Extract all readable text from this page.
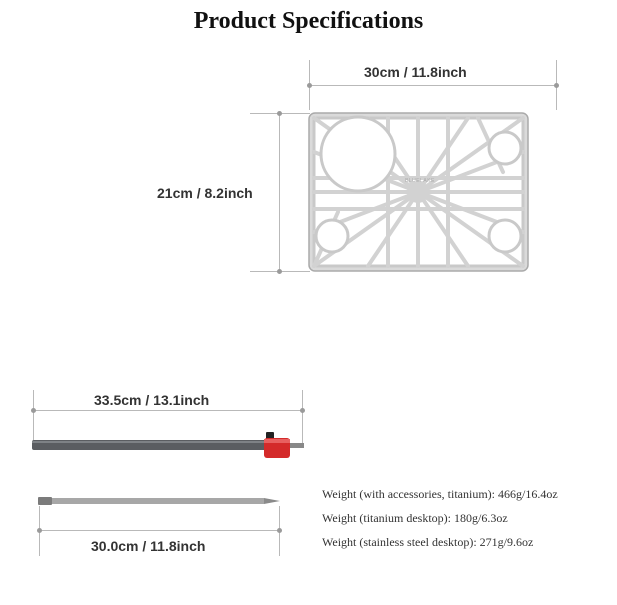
Product Specifications
30cm / 11.8inch
21cm / 8.2inch
BLUELAKE
33.5cm / 13.1inch
30.0cm / 11.8inch
Weight (with accessories, titanium): 466g/16.4oz
Weight (titanium desktop): 180g/6.3oz
Weight (stainless steel desktop): 271g/9.6oz
